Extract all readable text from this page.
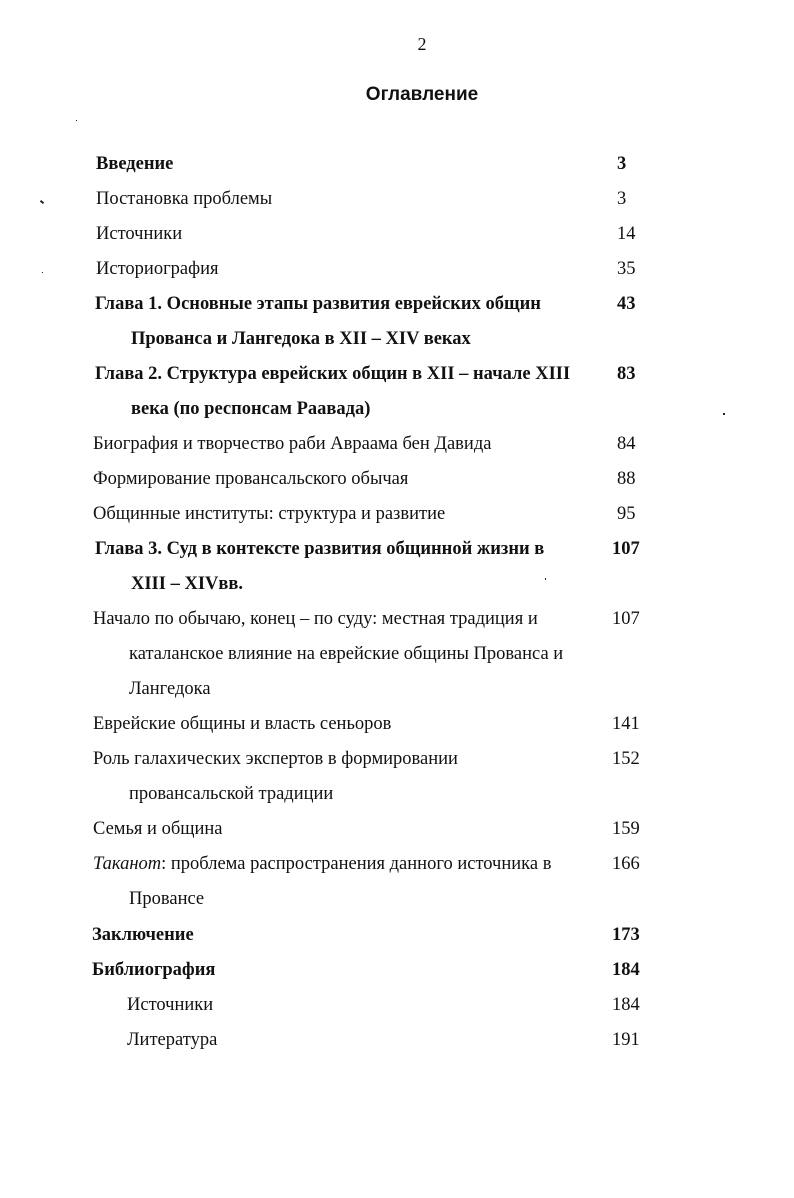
2
Оглавление
Введение	3
Постановка проблемы	3
Источники	14
Историография	35
Глава 1. Основные этапы развития еврейских общин	43
Прованса и Лангедока в XII – XIV веках
Глава 2. Структура еврейских общин в XII – начале XIII	83
века (по респонсам Раавада)
Биография и творчество раби Авраама бен Давида	84
Формирование провансальского обычая	88
Общинные институты: структура и развитие	95
Глава 3. Суд в контексте развития общинной жизни в	107
XIII – XIVвв.
Начало по обычаю, конец – по суду: местная традиция и	107
каталанское влияние на еврейские общины Прованса и
Лангедока
Еврейские общины и власть сеньоров	141
Роль галахических экспертов в формировании	152
провансальской традиции
Семья и община	159
Таканот: проблема распространения данного источника в	166
Провансе
Заключение	173
Библиография	184
Источники	184
Литература	191
